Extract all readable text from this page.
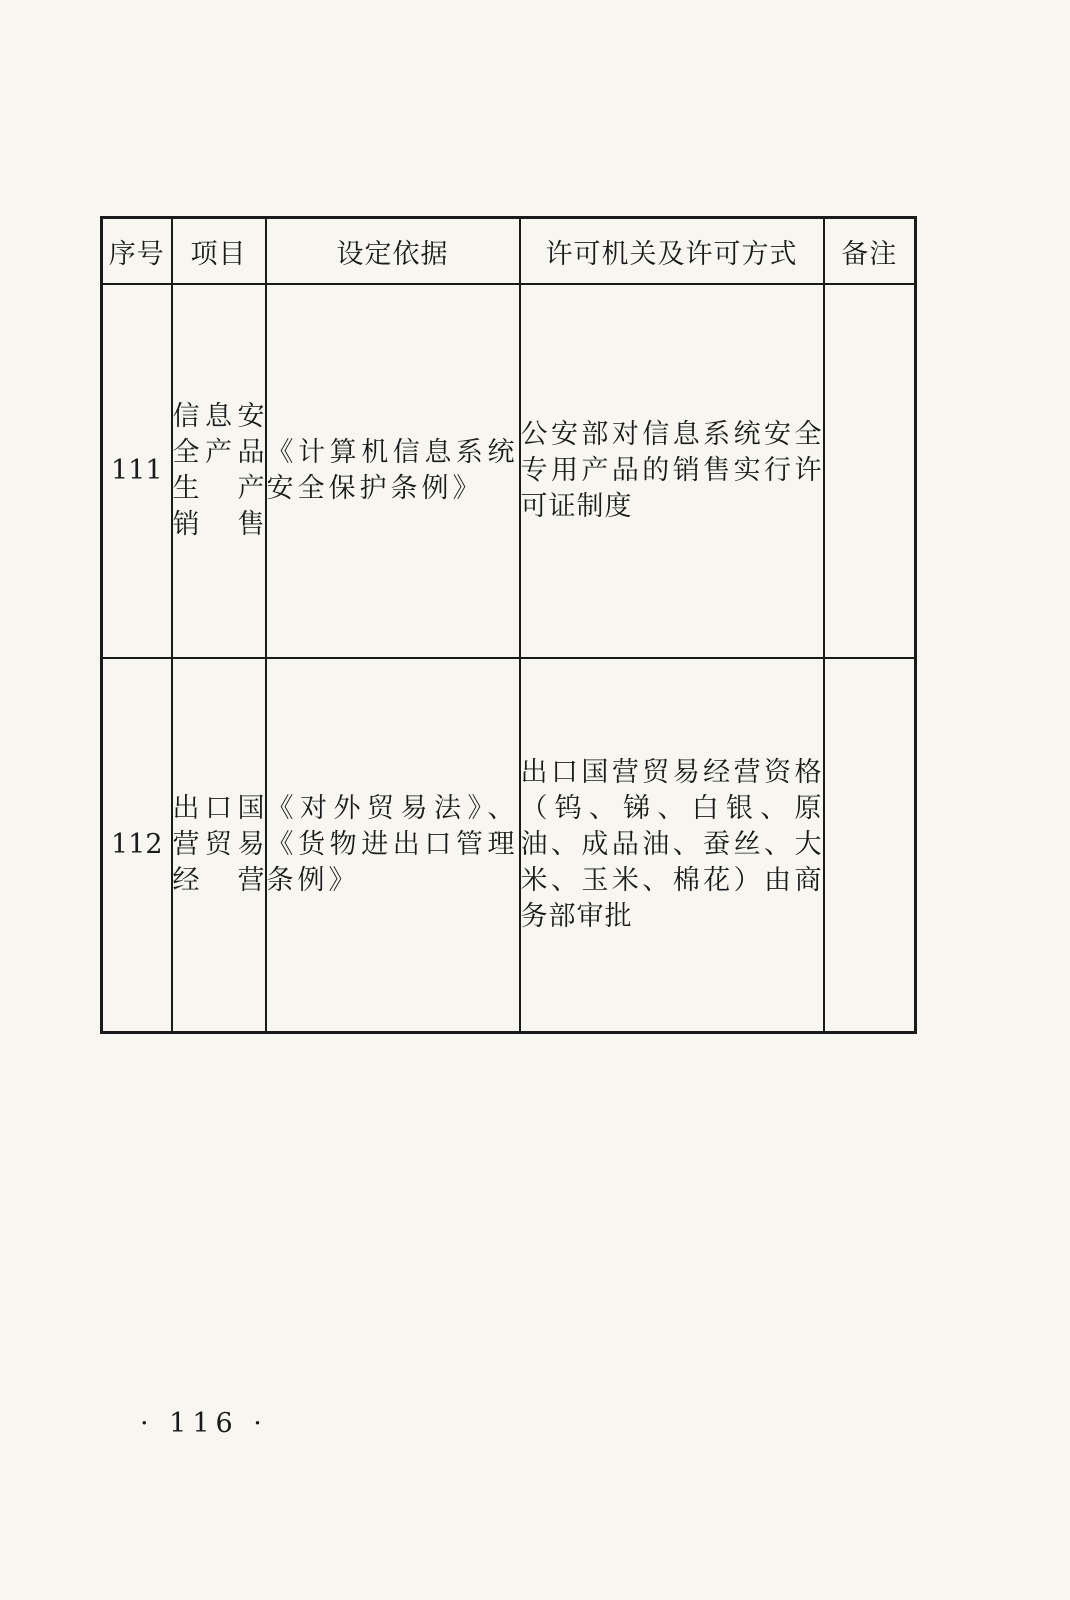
序号	项目	设定依据	许可机关及许可方式	备注
111	信息安
全产品
生　产
销　售	《计算机信息系统安全保护条例》	公安部对信息系统安全专用产品的销售实行许可证制度	
112	出口国
营贸易
经　营	《对外贸易法》、《货物进出口管理条例》	出口国营贸易经营资格（钨、锑、白银、原油、成品油、蚕丝、大米、玉米、棉花）由商务部审批	
· 116 ·
